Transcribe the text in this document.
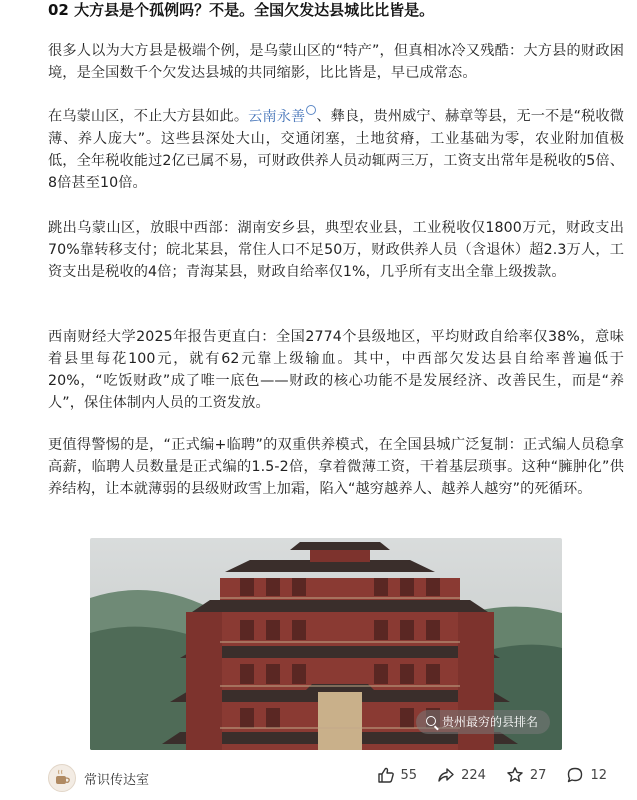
02 大方县是个孤例吗？不是。全国欠发达县城比比皆是。

很多人以为大方县是极端个例，是乌蒙山区的“特产”，但真相冰冷又残酷：大方县的财政困境，是全国数千个欠发达县城的共同缩影，比比皆是，早已成常态。

在乌蒙山区，不止大方县如此。云南永善 、彝良，贵州威宁、赫章等县，无一不是“税收微薄、养人庞大”。这些县深处大山，交通闭塞，土地贫瘠，工业基础为零，农业附加值极低，全年税收能过2亿已属不易，可财政供养人员动辄两三万，工资支出常年是税收的5倍、8倍甚至10倍。

跳出乌蒙山区，放眼中西部：湖南安乡县，典型农业县，工业税收仅1800万元，财政支出70%靠转移支付；皖北某县，常住人口不足50万，财政供养人员（含退休）超2.3万人，工资支出是税收的4倍；青海某县，财政自给率仅1%，几乎所有支出全靠上级拨款。

西南财经大学2025年报告更直白：全国2774个县级地区，平均财政自给率仅38%，意味着县里每花100元，就有62元靠上级输血。其中，中西部欠发达县自给率普遍低于20%，“吃饭财政”成了唯一底色——财政的核心功能不是发展经济、改善民生，而是“养人”，保住体制内人员的工资发放。

更值得警惕的是，“正式编+临聘”的双重供养模式，在全国县城广泛复制：正式编人员稳拿高薪，临聘人员数量是正式编的1.5-2倍，拿着微薄工资，干着基层琐事。这种“臃肿化”供养结构，让本就薄弱的县级财政雪上加霜，陷入“越穷越养人、越养人越穷”的死循环。

贵州最穷的县排名
常识传达室	55	224	27	12
